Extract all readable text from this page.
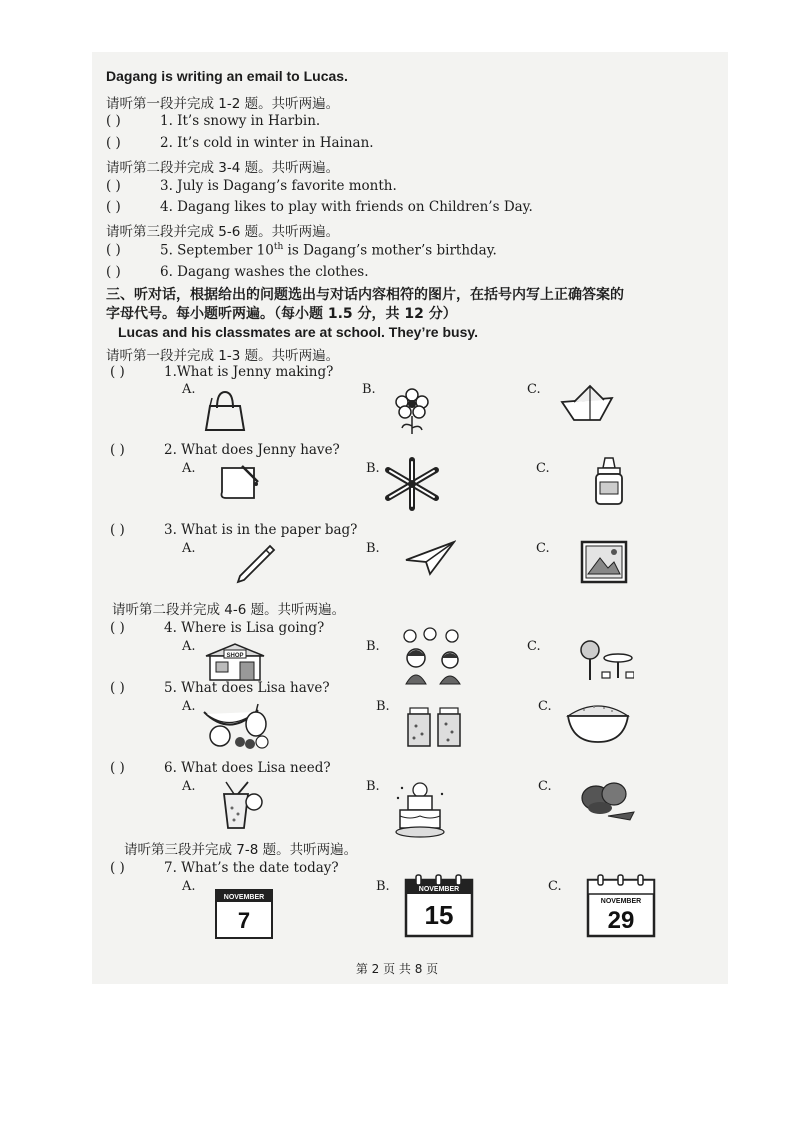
Dagang is writing an email to Lucas.
请听第一段并完成 1-2 题。共听两遍。
( )	1. It’s snowy in Harbin.
( )	2. It’s cold in winter in Hainan.
请听第二段并完成 3-4 题。共听两遍。
( )	3. July is Dagang’s favorite month.
( )	4. Dagang likes to play with friends on Children’s Day.
请听第三段并完成 5-6 题。共听两遍。
( )	5. September 10th is Dagang’s mother’s birthday.
( )	6. Dagang washes the clothes.
三、听对话，根据给出的问题选出与对话内容相符的图片，在括号内写上正确答案的
字母代号。每小题听两遍。（每小题 1.5 分，共 12 分）
Lucas and his classmates are at school. They’re busy.
请听第一段并完成 1-3 题。共听两遍。
( )	1.What is Jenny making?
A.	B.	C.
( )	2. What does Jenny have?
A.	B.	C.
( )	3. What is in the paper bag?
A.	B.	C.
请听第二段并完成 4-6 题。共听两遍。
( )	4. Where is Lisa going?
A.	B.	C.
SHOP
( )	5. What does Lisa have?
A.	B.	C.
( )	6. What does Lisa need?
A.	B.	C.
请听第三段并完成 7-8 题。共听两遍。
( )	7. What’s the date today?
A.	B.	C.
NOVEMBER
7
NOVEMBER
15	NOVEMBER
29
第 2 页 共 8 页
